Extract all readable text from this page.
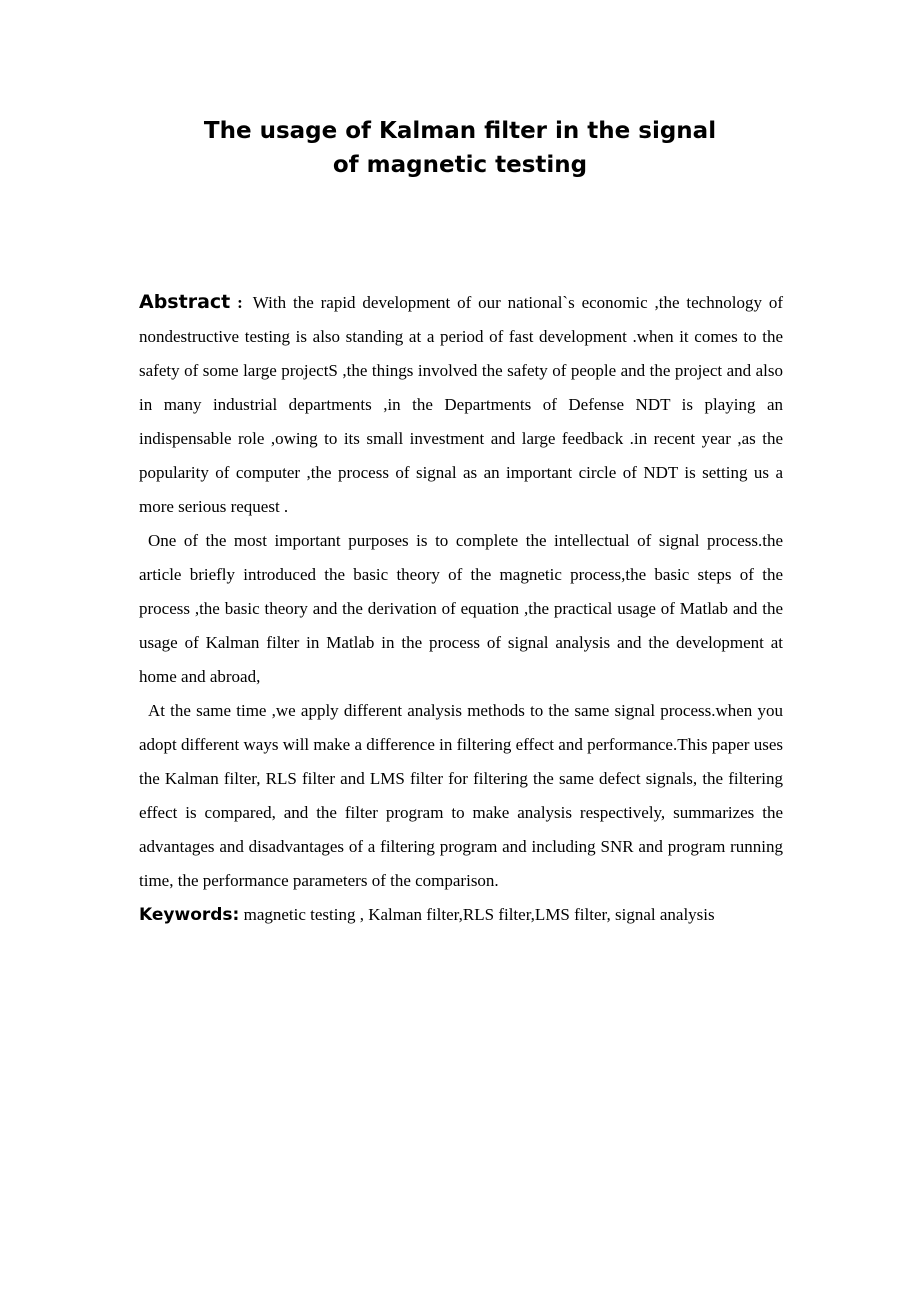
The usage of Kalman filter in the signal
of magnetic testing

Abstract : With the rapid development of our national`s economic ,the technology of nondestructive testing is also standing at a period of fast development .when it comes to the safety of some large projectS ,the things involved the safety of people and the project and also in many industrial departments ,in the Departments of Defense NDT is playing an indispensable role ,owing to its small investment and large feedback .in recent year ,as the popularity of computer ,the process of signal as an important circle of NDT is setting us a more serious request .

One of the most important purposes is to complete the intellectual of signal process.the article briefly introduced the basic theory of the magnetic process,the basic steps of the process ,the basic theory and the derivation of equation ,the practical usage of Matlab and the usage of Kalman filter in Matlab in the process of signal analysis and the development at home and abroad,

At the same time ,we apply different analysis methods to the same signal process.when you adopt different ways will make a difference in filtering effect and performance.This paper uses the Kalman filter, RLS filter and LMS filter for filtering the same defect signals, the filtering effect is compared, and the filter program to make analysis respectively, summarizes the advantages and disadvantages of a filtering program and including SNR and program running time, the performance parameters of the comparison.

Keywords: magnetic testing , Kalman filter,RLS filter,LMS filter, signal analysis
